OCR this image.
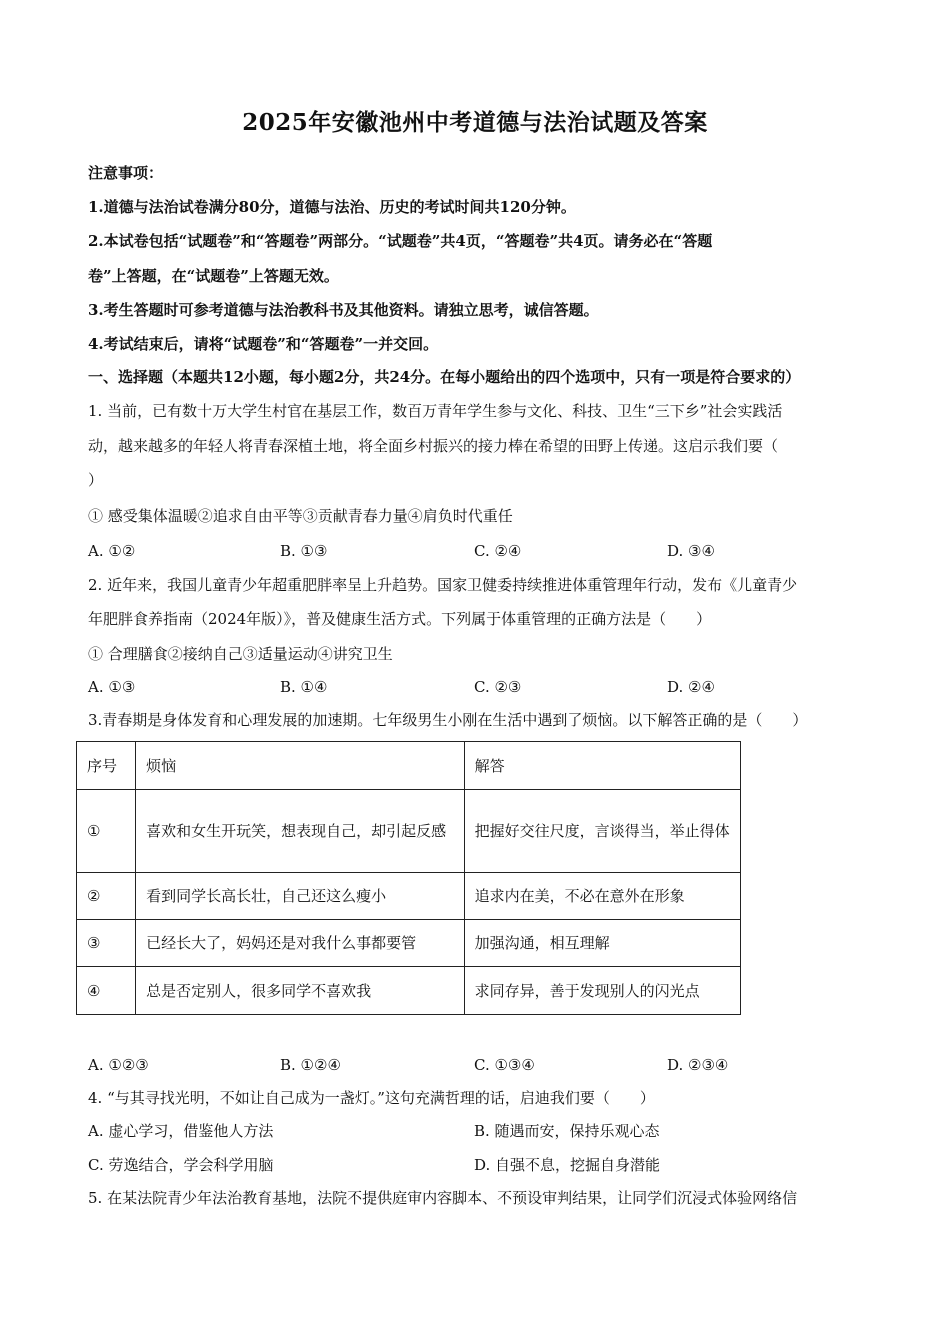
2025年安徽池州中考道德与法治试题及答案
注意事项：
1.道德与法治试卷满分80分，道德与法治、历史的考试时间共120分钟。
2.本试卷包括“试题卷”和“答题卷”两部分。“试题卷”共4页，“答题卷”共4页。请务必在“答题
卷”上答题，在“试题卷”上答题无效。
3.考生答题时可参考道德与法治教科书及其他资料。请独立思考，诚信答题。
4.考试结束后，请将“试题卷”和“答题卷”一并交回。
一、选择题（本题共12小题，每小题2分，共24分。在每小题给出的四个选项中，只有一项是符合要求的）
1. 当前，已有数十万大学生村官在基层工作，数百万青年学生参与文化、科技、卫生“三下乡”社会实践活
动，越来越多的年轻人将青春深植土地，将全面乡村振兴的接力棒在希望的田野上传递。这启示我们要（
）
① 感受集体温暖②追求自由平等③贡献青春力量④肩负时代重任
A. ①②	B. ①③	C. ②④	D. ③④
2. 近年来，我国儿童青少年超重肥胖率呈上升趋势。国家卫健委持续推进体重管理年行动，发布《儿童青少
年肥胖食养指南（2024年版）》，普及健康生活方式。下列属于体重管理的正确方法是（　　）
① 合理膳食②接纳自己③适量运动④讲究卫生
A. ①③	B. ①④	C. ②③	D. ②④
3.青春期是身体发育和心理发展的加速期。七年级男生小刚在生活中遇到了烦恼。以下解答正确的是（　　）
序号	烦恼	解答
①	喜欢和女生开玩笑，想表现自己，却引起反感	把握好交往尺度，言谈得当，举止得体
②	看到同学长高长壮，自己还这么瘦小	追求内在美，不必在意外在形象
③	已经长大了，妈妈还是对我什么事都要管	加强沟通，相互理解
④	总是否定别人，很多同学不喜欢我	求同存异，善于发现别人的闪光点
A. ①②③	B. ①②④	C. ①③④	D. ②③④
4. “与其寻找光明，不如让自己成为一盏灯。”这句充满哲理的话，启迪我们要（　　）
A. 虚心学习，借鉴他人方法	B. 随遇而安，保持乐观心态
C. 劳逸结合，学会科学用脑	D. 自强不息，挖掘自身潜能
5. 在某法院青少年法治教育基地，法院不提供庭审内容脚本、不预设审判结果，让同学们沉浸式体验网络信
